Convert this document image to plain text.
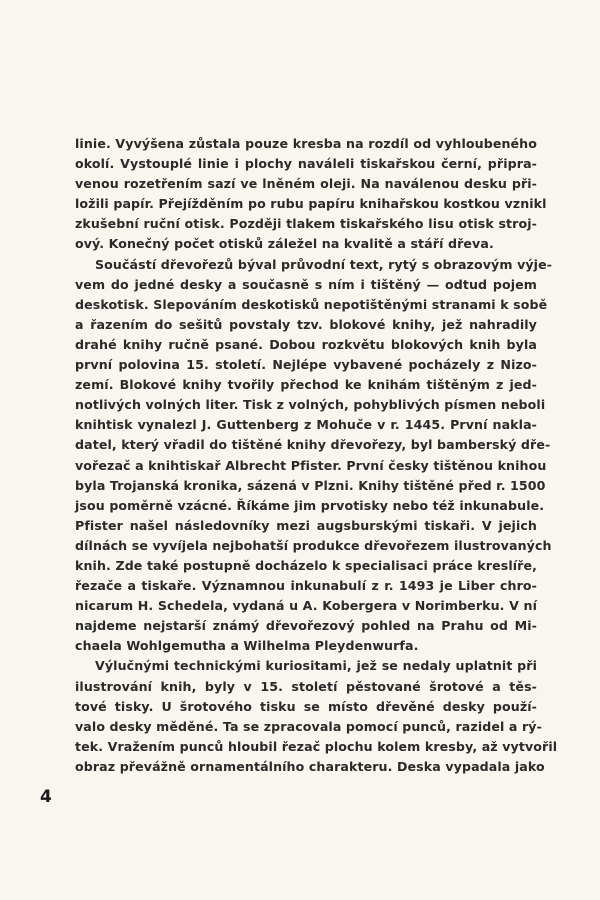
linie. Vyvýšena zůstala pouze kresba na rozdíl od vyhloubeného
okolí. Vystouplé linie i plochy naváleli tiskařskou černí, připra-
venou rozetřením sazí ve lněném oleji. Na naválenou desku při-
ložili papír. Přejížděním po rubu papíru knihařskou kostkou vznikl
zkušební ruční otisk. Později tlakem tiskařského lisu otisk stroj-
ový. Konečný počet otisků záležel na kvalitě a stáří dřeva.
Součástí dřevořezů býval průvodní text, rytý s obrazovým výje-
vem do jedné desky a současně s ním i tištěný — odtud pojem
deskotisk. Slepováním deskotisků nepotištěnými stranami k sobě
a řazením do sešitů povstaly tzv. blokové knihy, jež nahradily
drahé knihy ručně psané. Dobou rozkvětu blokových knih byla
první polovina 15. století. Nejlépe vybavené pocházely z Nizo-
zemí. Blokové knihy tvořily přechod ke knihám tištěným z jed-
notlivých volných liter. Tisk z volných, pohyblivých písmen neboli
knihtisk vynalezl J. Guttenberg z Mohuče v r. 1445. První nakla-
datel, který vřadil do tištěné knihy dřevořezy, byl bamberský dře-
vořezač a knihtiskař Albrecht Pfister. První česky tištěnou knihou
byla Trojanská kronika, sázená v Plzni. Knihy tištěné před r. 1500
jsou poměrně vzácné. Říkáme jim prvotisky nebo též inkunabule.
Pfister našel následovníky mezi augsburskými tiskaři. V jejich
dílnách se vyvíjela nejbohatší produkce dřevořezem ilustrovaných
knih. Zde také postupně docházelo k specialisaci práce kreslíře,
řezače a tiskaře. Významnou inkunabulí z r. 1493 je Liber chro-
nicarum H. Schedela, vydaná u A. Kobergera v Norimberku. V ní
najdeme nejstarší známý dřevořezový pohled na Prahu od Mi-
chaela Wohlgemutha a Wilhelma Pleydenwurfa.
Výlučnými technickými kuriositami, jež se nedaly uplatnit při
ilustrování knih, byly v 15. století pěstované šrotové a těs-
tové tisky. U šrotového tisku se místo dřevěné desky použí-
valo desky měděné. Ta se zpracovala pomocí punců, razidel a rý-
tek. Vražením punců hloubil řezač plochu kolem kresby, až vytvořil
obraz převážně ornamentálního charakteru. Deska vypadala jako
4
